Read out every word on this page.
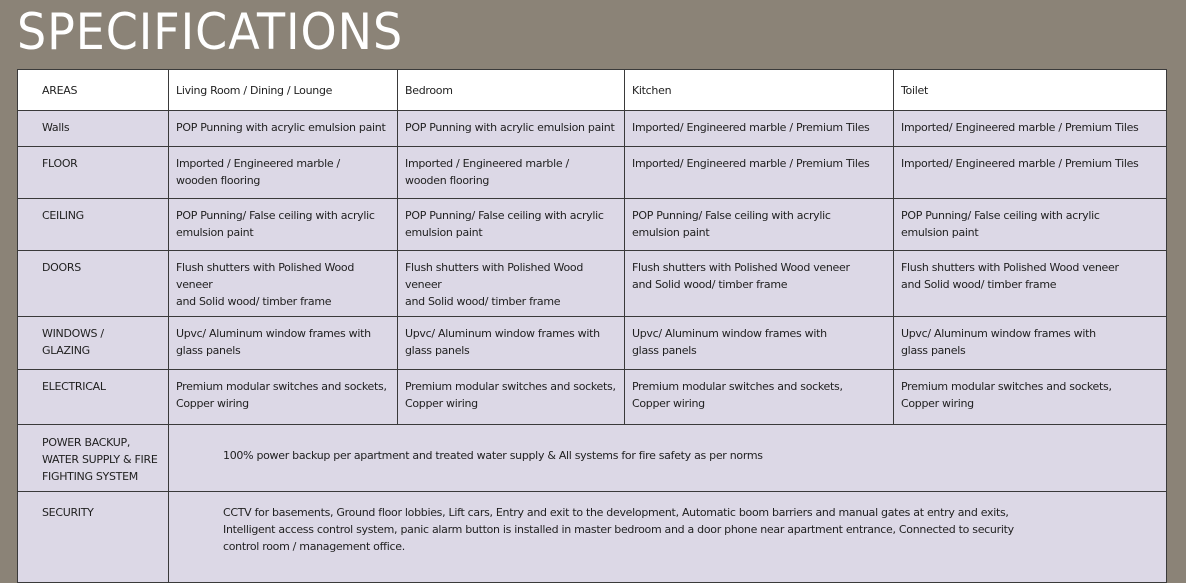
SPECIFICATIONS
AREAS	Living Room / Dining / Lounge	Bedroom	Kitchen	Toilet

Walls	POP Punning with acrylic emulsion paint	POP Punning with acrylic emulsion paint	Imported/ Engineered marble / Premium Tiles	Imported/ Engineered marble / Premium Tiles

FLOOR	Imported / Engineered marble /
wooden flooring	Imported / Engineered marble /
wooden flooring	Imported/ Engineered marble / Premium Tiles	Imported/ Engineered marble / Premium Tiles

CEILING	POP Punning/ False ceiling with acrylic
emulsion paint	POP Punning/ False ceiling with acrylic
emulsion paint	POP Punning/ False ceiling with acrylic
emulsion paint	POP Punning/ False ceiling with acrylic
emulsion paint

DOORS	Flush shutters with Polished Wood veneer
and Solid wood/ timber frame	Flush shutters with Polished Wood veneer
and Solid wood/ timber frame	Flush shutters with Polished Wood veneer
and Solid wood/ timber frame	Flush shutters with Polished Wood veneer
and Solid wood/ timber frame

WINDOWS /
GLAZING	Upvc/ Aluminum window frames with
glass panels	Upvc/ Aluminum window frames with
glass panels	Upvc/ Aluminum window frames with
glass panels	Upvc/ Aluminum window frames with
glass panels

ELECTRICAL	Premium modular switches and sockets,
Copper wiring	Premium modular switches and sockets,
Copper wiring	Premium modular switches and sockets,
Copper wiring	Premium modular switches and sockets,
Copper wiring

POWER BACKUP,
WATER SUPPLY & FIRE
FIGHTING SYSTEM	100% power backup per apartment and treated water supply & All systems for fire safety as per norms			

SECURITY	CCTV for basements, Ground floor lobbies, Lift cars, Entry and exit to the development, Automatic boom barriers and manual gates at entry and exits,
Intelligent access control system, panic alarm button is installed in master bedroom and a door phone near apartment entrance, Connected to security
control room / management office.			
